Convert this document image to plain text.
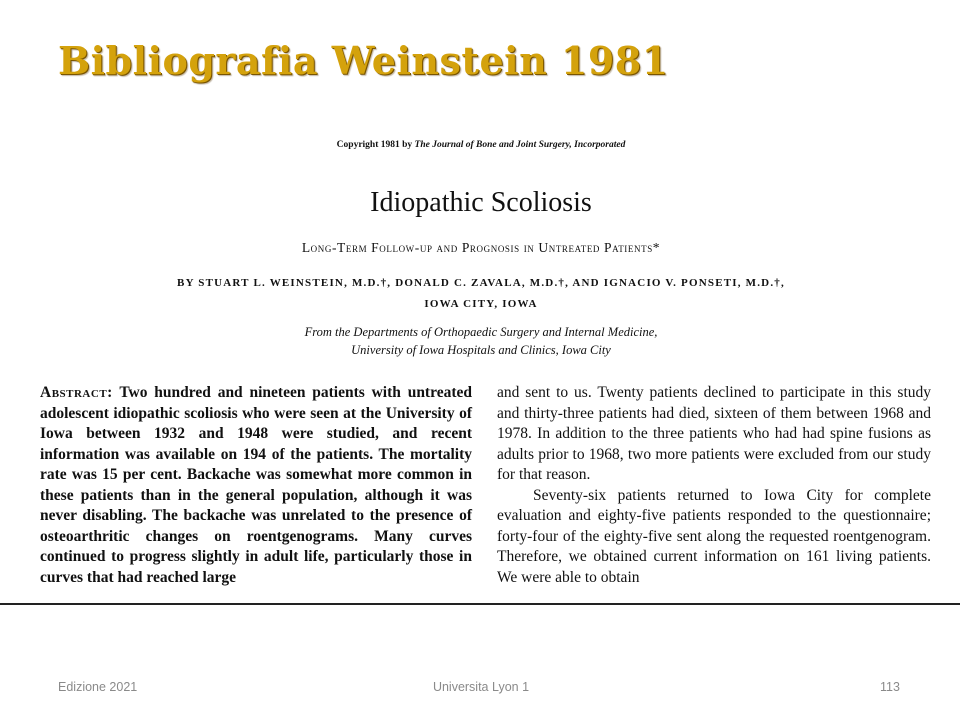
Bibliografia Weinstein 1981
Copyright 1981 by The Journal of Bone and Joint Surgery, Incorporated
Idiopathic Scoliosis
Long-Term Follow-up and Prognosis in Untreated Patients*
BY STUART L. WEINSTEIN, M.D.†, DONALD C. ZAVALA, M.D.†, AND IGNACIO V. PONSETI, M.D.†,
IOWA CITY, IOWA
From the Departments of Orthopaedic Surgery and Internal Medicine,
University of Iowa Hospitals and Clinics, Iowa City

Abstract: Two hundred and nineteen patients with untreated adolescent idiopathic scoliosis who were seen at the University of Iowa between 1932 and 1948 were studied, and recent information was available on 194 of the patients. The mortality rate was 15 per cent. Backache was somewhat more common in these patients than in the general population, although it was never disabling. The backache was unrelated to the presence of osteoarthritic changes on roentgenograms. Many curves continued to progress slightly in adult life, particularly those in curves that had reached large

and sent to us. Twenty patients declined to participate in this study and thirty-three patients had died, sixteen of them between 1968 and 1978. In addition to the three patients who had had spine fusions as adults prior to 1968, two more patients were excluded from our study for that reason.

Seventy-six patients returned to Iowa City for complete evaluation and eighty-five patients responded to the questionnaire; forty-four of the eighty-five sent along the requested roentgenogram. Therefore, we obtained current information on 161 living patients. We were able to obtain

Edizione 2021	Universita Lyon 1	113
